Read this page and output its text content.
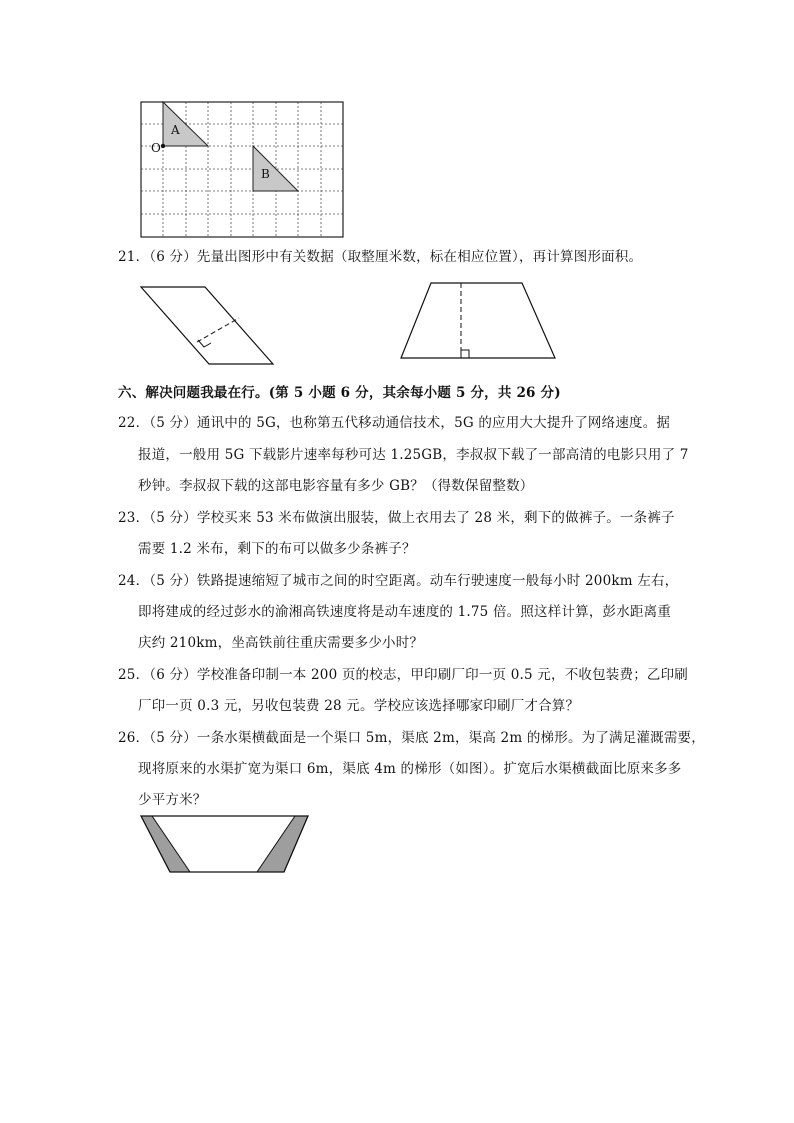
A
B
O
21．（6 分）先量出图形中有关数据（取整厘米数，标在相应位置），再计算图形面积。
六、解决问题我最在行。(第 5 小题 6 分，其余每小题 5 分，共 26 分)
22．（5 分）通讯中的 5G，也称第五代移动通信技术，5G 的应用大大提升了网络速度。据
报道，一般用 5G 下载影片速率每秒可达 1.25GB，李叔叔下载了一部高清的电影只用了 7
秒钟。李叔叔下载的这部电影容量有多少 GB？（得数保留整数）
23．（5 分）学校买来 53 米布做演出服装，做上衣用去了 28 米，剩下的做裤子。一条裤子
需要 1.2 米布，剩下的布可以做多少条裤子？
24．（5 分）铁路提速缩短了城市之间的时空距离。动车行驶速度一般每小时 200km 左右，
即将建成的经过彭水的渝湘高铁速度将是动车速度的 1.75 倍。照这样计算，彭水距离重
庆约 210km，坐高铁前往重庆需要多少小时？
25．（6 分）学校准备印制一本 200 页的校志，甲印刷厂印一页 0.5 元，不收包装费；乙印刷
厂印一页 0.3 元，另收包装费 28 元。学校应该选择哪家印刷厂才合算？
26．（5 分）一条水渠横截面是一个渠口 5m，渠底 2m，渠高 2m 的梯形。为了满足灌溉需要，
现将原来的水渠扩宽为渠口 6m，渠底 4m 的梯形（如图）。扩宽后水渠横截面比原来多多
少平方米？
